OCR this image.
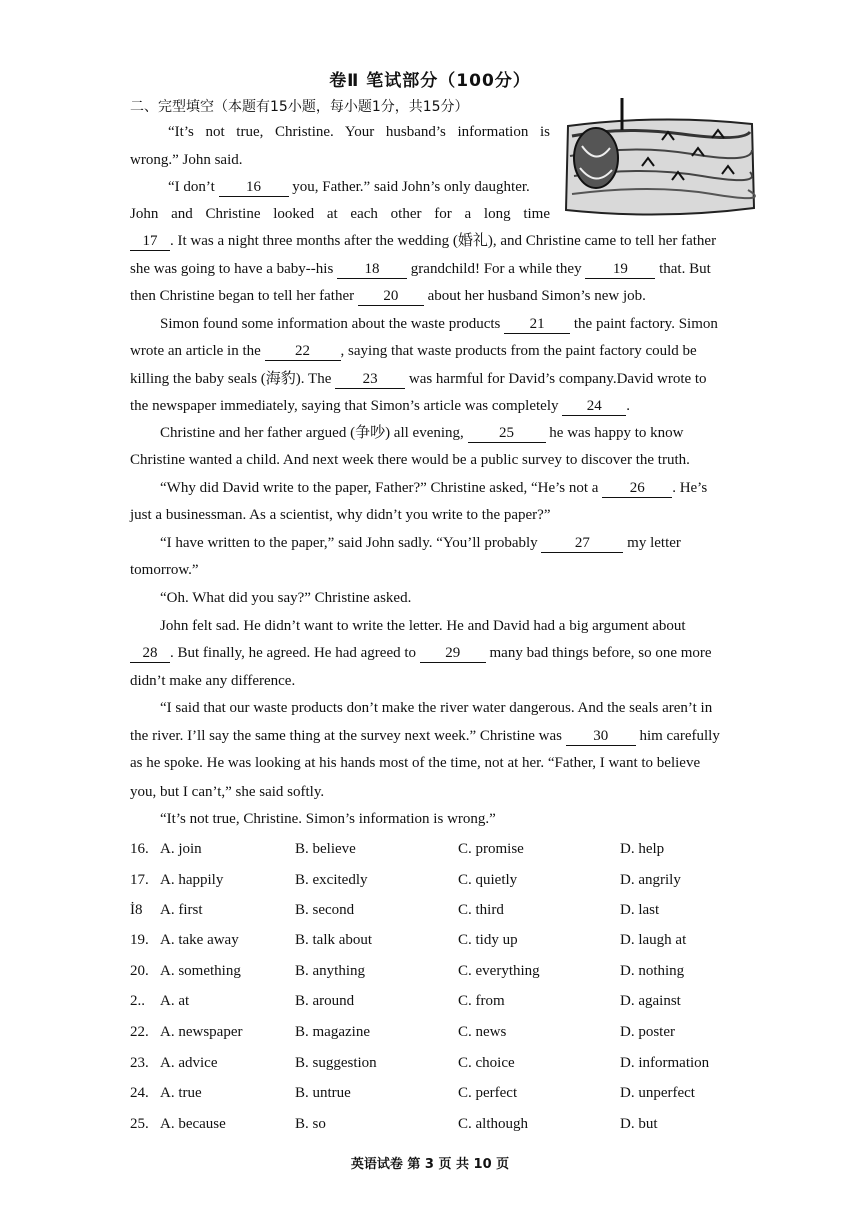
卷Ⅱ 笔试部分（100分）
二、完型填空（本题有15小题，每小题1分，共15分）
“It’s not true, Christine. Your husband’s information is
wrong.” John said.
“I don’t 16 you, Father.” said John’s only daughter.
John and Christine looked at each other for a long time
17 . It was a night three months after the wedding (婚礼), and Christine came to tell her father
she was going to have a baby--his 18 grandchild! For a while they 19 that. But
then Christine began to tell her father 20 about her husband Simon’s new job.
Simon found some information about the waste products 21 the paint factory. Simon
wrote an article in the 22 , saying that waste products from the paint factory could be
killing the baby seals (海豹). The 23 was harmful for David’s company.David wrote to
the newspaper immediately, saying that Simon’s article was completely 24 .
Christine and her father argued (争吵) all evening, 25 he was happy to know
Christine wanted a child. And next week there would be a public survey to discover the truth.
“Why did David write to the paper, Father?” Christine asked, “He’s not a 26 . He’s
just a businessman. As a scientist, why didn’t you write to the paper?”
“I have written to the paper,” said John sadly. “You’ll probably 27 my letter
tomorrow.”
“Oh. What did you say?” Christine asked.
John felt sad. He didn’t want to write the letter. He and David had a big argument about
28 . But finally, he agreed. He had agreed to 29 many bad things before, so one more
didn’t make any difference.
“I said that our waste products don’t make the river water dangerous. And the seals aren’t in
the river. I’ll say the same thing at the survey next week.” Christine was 30 him carefully
as he spoke. He was looking at his hands most of the time, not at her. “Father, I want to believe
you, but I can’t,” she said softly.
“It’s not true, Christine. Simon’s information is wrong.”
16. A. join	B. believe	C. promise	D. help
17. A. happily	B. excitedly	C. quietly	D. angrily
İ8 A. first	B. second	C. third	D. last
19. A. take away	B. talk about	C. tidy up	D. laugh at
20. A. something	B. anything	C. everything	D. nothing
2.. A. at	B. around	C. from	D. against
22. A. newspaper	B. magazine	C. news	D. poster
23. A. advice	B. suggestion	C. choice	D. information
24. A. true	B. untrue	C. perfect	D. unperfect
25. A. because	B. so	C. although	D. but
英语试卷 第 3 页 共 10 页
